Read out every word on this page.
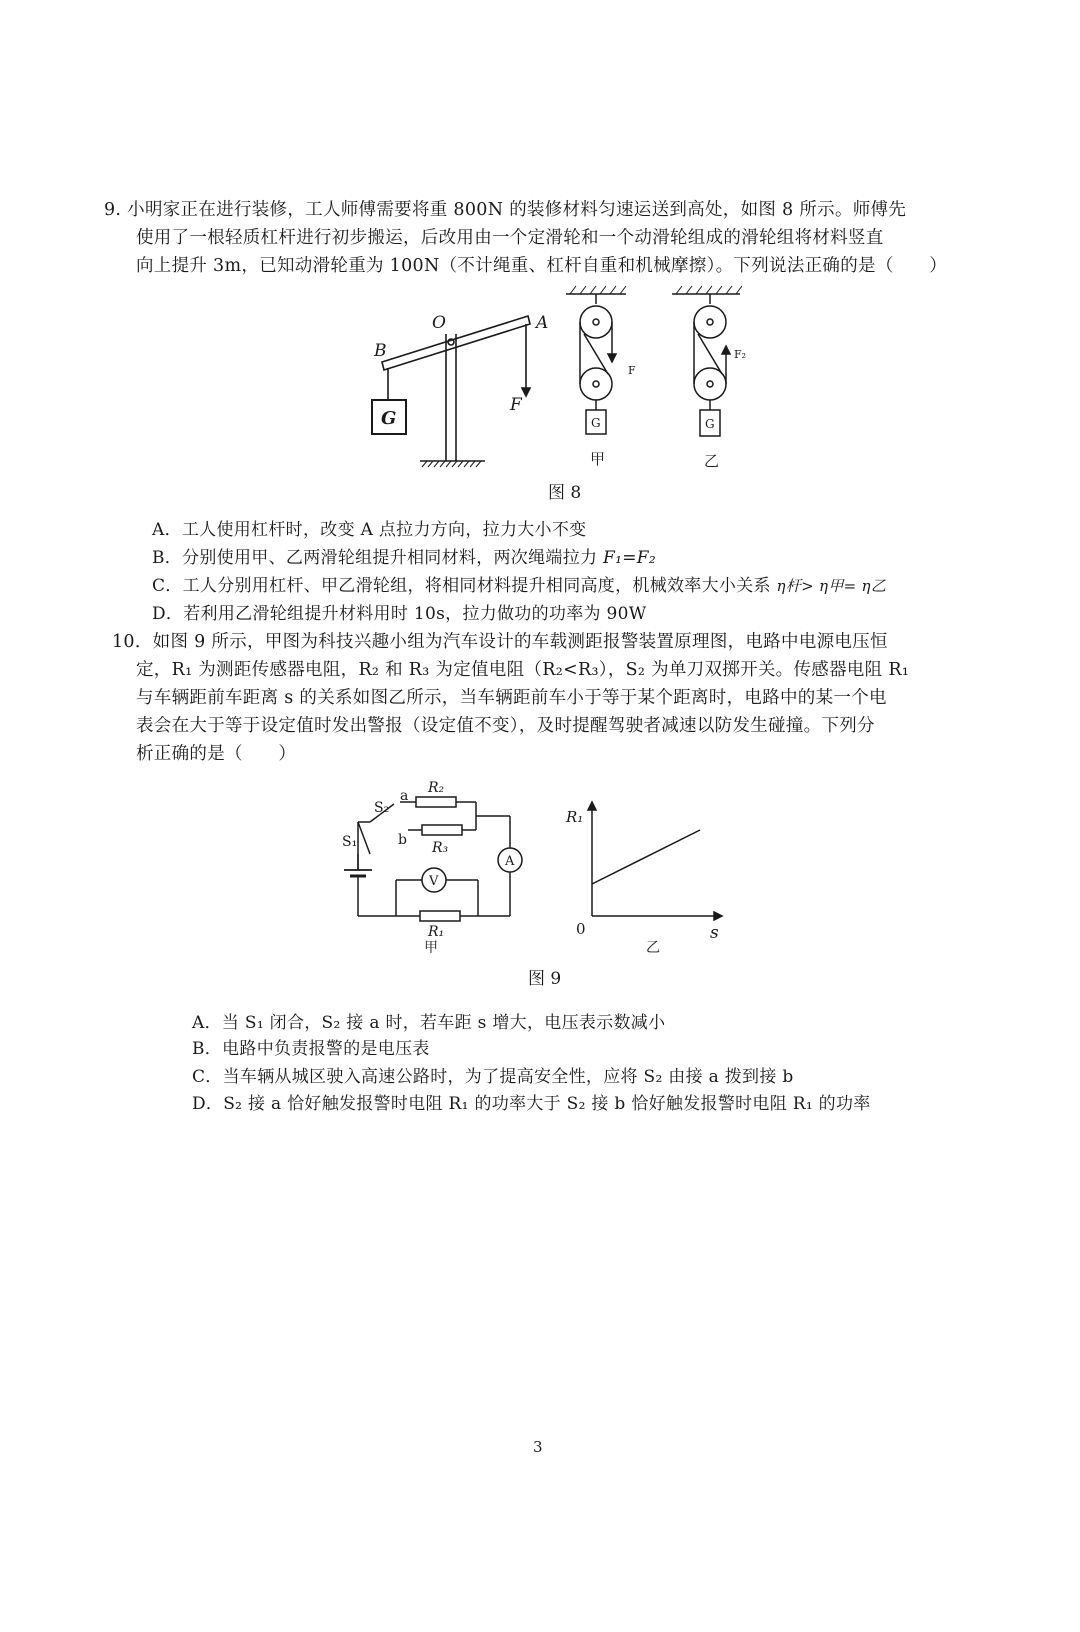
9. 小明家正在进行装修，工人师傅需要将重 800N 的装修材料匀速运送到高处，如图 8 所示。师傅先
使用了一根轻质杠杆进行初步搬运，后改用由一个定滑轮和一个动滑轮组成的滑轮组将材料竖直
向上提升 3m，已知动滑轮重为 100N（不计绳重、杠杆自重和机械摩擦）。下列说法正确的是（　　）
B
O	A
F
G
F
G
甲
F₂
G
乙
图 8
A．工人使用杠杆时，改变 A 点拉力方向，拉力大小不变
B．分别使用甲、乙两滑轮组提升相同材料，两次绳端拉力 F₁=F₂
C．工人分别用杠杆、甲乙滑轮组，将相同材料提升相同高度，机械效率大小关系 η杆> η甲= η乙
D．若利用乙滑轮组提升材料用时 10s，拉力做功的功率为 90W
10．如图 9 所示，甲图为科技兴趣小组为汽车设计的车载测距报警装置原理图，电路中电源电压恒
定，R₁ 为测距传感器电阻，R₂ 和 R₃ 为定值电阻（R₂<R₃），S₂ 为单刀双掷开关。传感器电阻 R₁
与车辆距前车距离 s 的关系如图乙所示，当车辆距前车小于等于某个距离时，电路中的某一个电
表会在大于等于设定值时发出警报（设定值不变），及时提醒驾驶者减速以防发生碰撞。下列分
析正确的是（　　）
S₁
S₂
a
b
R₂
R₃
V
A
R₁
甲
R₁
s
0
乙
图 9
A．当 S₁ 闭合，S₂ 接 a 时，若车距 s 增大，电压表示数减小
B．电路中负责报警的是电压表
C．当车辆从城区驶入高速公路时，为了提高安全性，应将 S₂ 由接 a 拨到接 b
D．S₂ 接 a 恰好触发报警时电阻 R₁ 的功率大于 S₂ 接 b 恰好触发报警时电阻 R₁ 的功率
3
